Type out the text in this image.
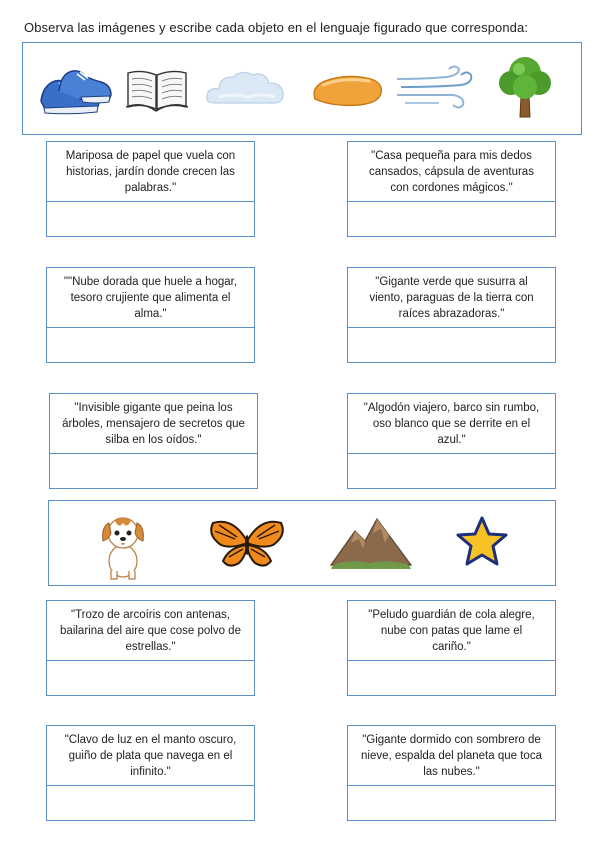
Observa las imágenes y escribe cada objeto en el lenguaje figurado que corresponda:
Mariposa de papel que vuela con historias, jardín donde crecen las palabras."
"Casa pequeña para mis dedos cansados, cápsula de aventuras con cordones mágicos."
""Nube dorada que huele a hogar, tesoro crujiente que alimenta el alma."
"Gigante verde que susurra al viento, paraguas de la tierra con raíces abrazadoras."
"Invisible gigante que peina los árboles, mensajero de secretos que silba en los oídos."
"Algodón viajero, barco sin rumbo, oso blanco que se derrite en el azul."
"Trozo de arcoíris con antenas, bailarina del aire que cose polvo de estrellas."
"Peludo guardián de cola alegre, nube con patas que lame el cariño."
"Clavo de luz en el manto oscuro, guiño de plata que navega en el infinito."
"Gigante dormido con sombrero de nieve, espalda del planeta que toca las nubes."
